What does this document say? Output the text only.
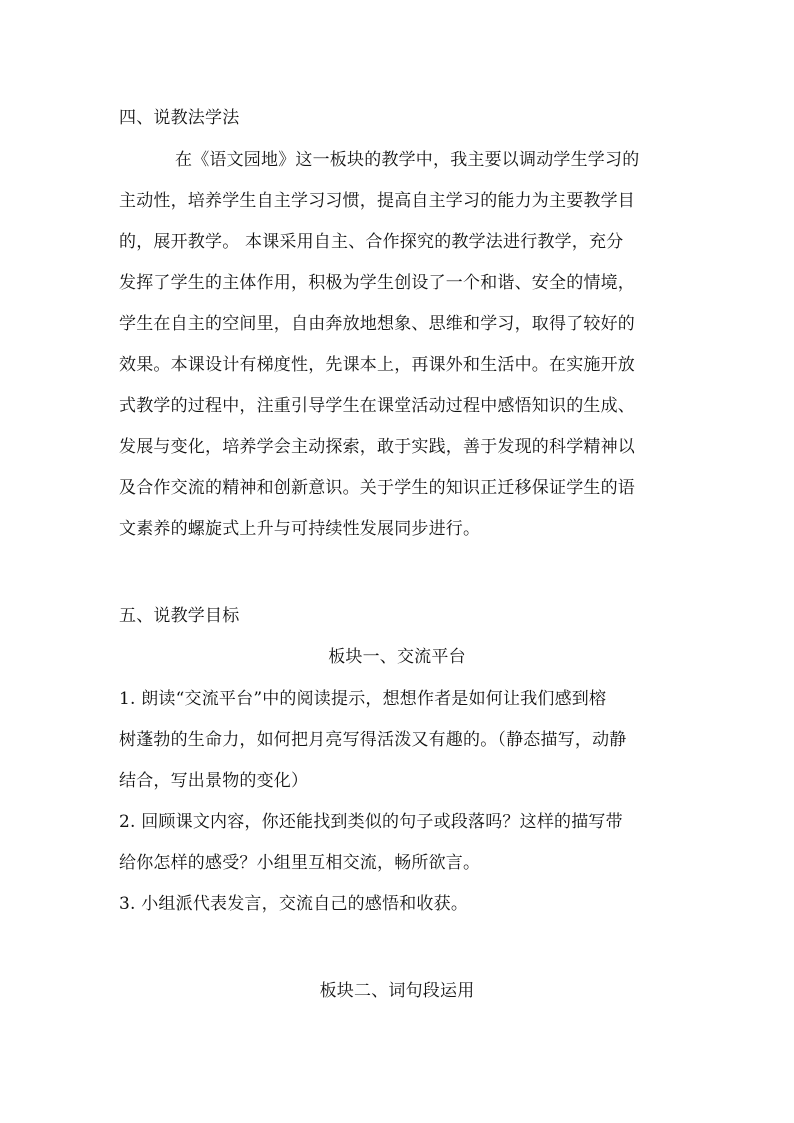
四、说教法学法
在《语文园地》这一板块的教学中，我主要以调动学生学习的
主动性，培养学生自主学习习惯，提高自主学习的能力为主要教学目
的，展开教学。 本课采用自主、合作探究的教学法进行教学，充分
发挥了学生的主体作用，积极为学生创设了一个和谐、安全的情境，
学生在自主的空间里，自由奔放地想象、思维和学习，取得了较好的
效果。本课设计有梯度性，先课本上，再课外和生活中。在实施开放
式教学的过程中，注重引导学生在课堂活动过程中感悟知识的生成、
发展与变化，培养学会主动探索，敢于实践，善于发现的科学精神以
及合作交流的精神和创新意识。关于学生的知识正迁移保证学生的语
文素养的螺旋式上升与可持续性发展同步进行。
五、说教学目标
板块一、交流平台
1. 朗读“交流平台”中的阅读提示，想想作者是如何让我们感到榕
树蓬勃的生命力，如何把月亮写得活泼又有趣的。（静态描写，动静
结合，写出景物的变化）
2. 回顾课文内容，你还能找到类似的句子或段落吗？这样的描写带
给你怎样的感受？小组里互相交流，畅所欲言。
3. 小组派代表发言，交流自己的感悟和收获。
板块二、词句段运用
